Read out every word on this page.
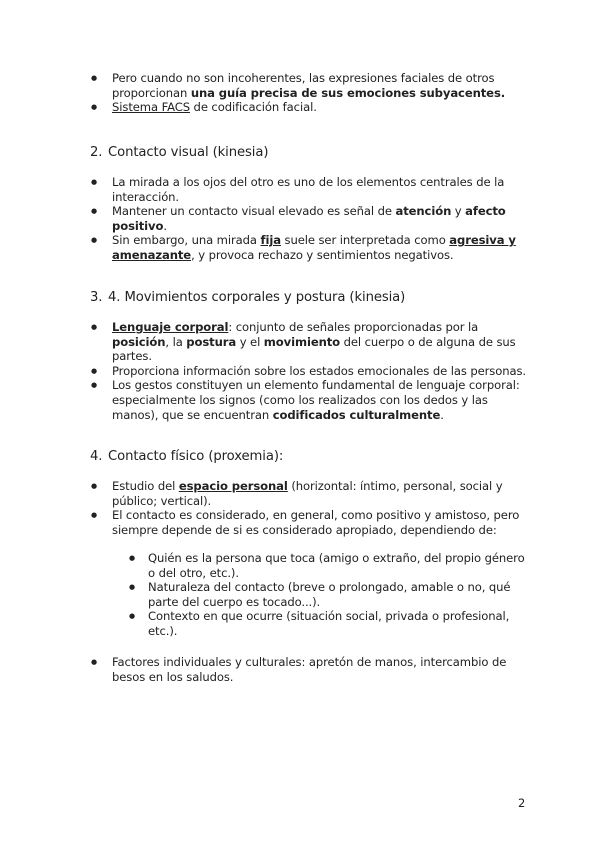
● Pero cuando no son incoherentes, las expresiones faciales de otros proporcionan una guía precisa de sus emociones subyacentes.
● Sistema FACS de codificación facial.
2. Contacto visual (kinesia)
● La mirada a los ojos del otro es uno de los elementos centrales de la interacción.
● Mantener un contacto visual elevado es señal de atención y afecto positivo.
● Sin embargo, una mirada fija suele ser interpretada como agresiva y amenazante, y provoca rechazo y sentimientos negativos.
3. 4. Movimientos corporales y postura (kinesia)
● Lenguaje corporal: conjunto de señales proporcionadas por la posición, la postura y el movimiento del cuerpo o de alguna de sus partes.
● Proporciona información sobre los estados emocionales de las personas.
● Los gestos constituyen un elemento fundamental de lenguaje corporal: especialmente los signos (como los realizados con los dedos y las manos), que se encuentran codificados culturalmente.
4. Contacto físico (proxemia):
● Estudio del espacio personal (horizontal: íntimo, personal, social y público; vertical).
● El contacto es considerado, en general, como positivo y amistoso, pero siempre depende de si es considerado apropiado, dependiendo de:
● Quién es la persona que toca (amigo o extraño, del propio género o del otro, etc.).
● Naturaleza del contacto (breve o prolongado, amable o no, qué parte del cuerpo es tocado...).
● Contexto en que ocurre (situación social, privada o profesional, etc.).
● Factores individuales y culturales: apretón de manos, intercambio de besos en los saludos.
2
